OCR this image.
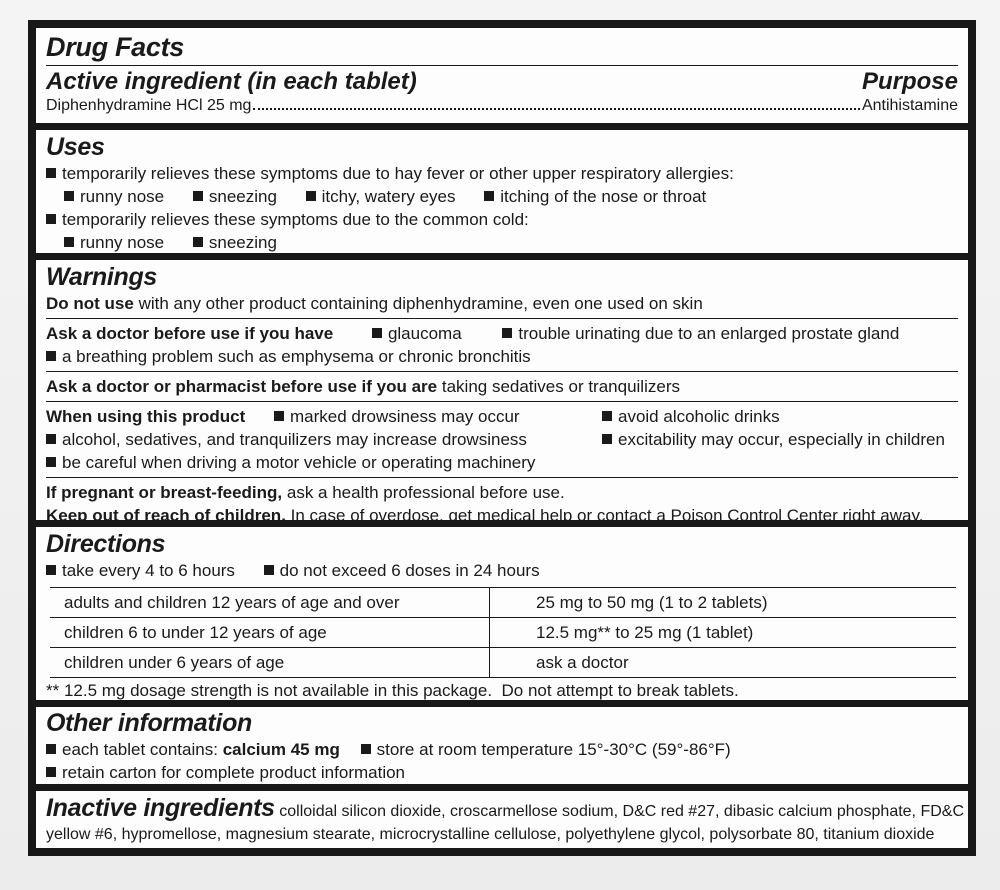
Drug Facts
Active ingredient (in each tablet)	Purpose
Diphenhydramine HCl 25 mg	Antihistamine
Uses
temporarily relieves these symptoms due to hay fever or other upper respiratory allergies:
runny nose	sneezing	itchy, watery eyes	itching of the nose or throat
temporarily relieves these symptoms due to the common cold:
runny nose	sneezing
Warnings
Do not use with any other product containing diphenhydramine, even one used on skin
Ask a doctor before use if you have	glaucoma	trouble urinating due to an enlarged prostate gland
a breathing problem such as emphysema or chronic bronchitis
Ask a doctor or pharmacist before use if you are taking sedatives or tranquilizers
When using this product	marked drowsiness may occur	avoid alcoholic drinks
alcohol, sedatives, and tranquilizers may increase drowsiness	excitability may occur, especially in children
be careful when driving a motor vehicle or operating machinery
If pregnant or breast-feeding, ask a health professional before use.
Keep out of reach of children. In case of overdose, get medical help or contact a Poison Control Center right away.
Directions
take every 4 to 6 hours	do not exceed 6 doses in 24 hours
adults and children 12 years of age and over	25 mg to 50 mg (1 to 2 tablets)
children 6 to under 12 years of age	12.5 mg** to 25 mg (1 tablet)
children under 6 years of age	ask a doctor
** 12.5 mg dosage strength is not available in this package.  Do not attempt to break tablets.
Other information
each tablet contains: calcium 45 mg store at room temperature 15°-30°C (59°-86°F)
retain carton for complete product information
Inactive ingredients colloidal silicon dioxide, croscarmellose sodium, D&C red #27, dibasic calcium phosphate, FD&C
yellow #6, hypromellose, magnesium stearate, microcrystalline cellulose, polyethylene glycol, polysorbate 80, titanium dioxide
